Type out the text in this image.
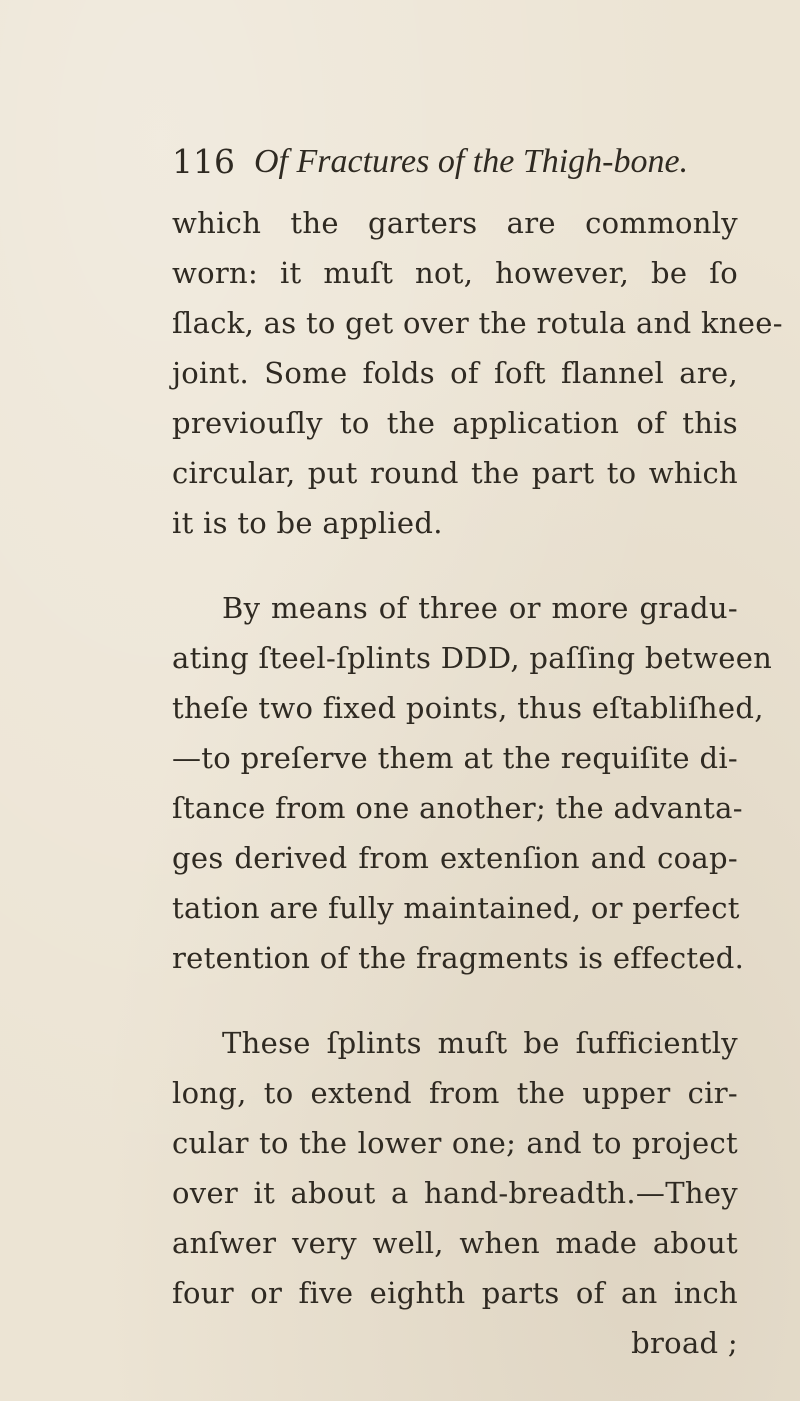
116 Of Fractures of the Thigh-bone.
which the garters are commonly
worn: it muſt not, however, be ſo
ſlack, as to get over the rotula and knee-
joint. Some folds of ſoft flannel are,
previouſly to the application of this
circular, put round the part to which
it is to be applied.
By means of three or more gradu-
ating ſteel-ſplints DDD, paſſing between
theſe two fixed points, thus eſtabliſhed,
—to preſerve them at the requiſite di-
ſtance from one another; the advanta-
ges derived from extenſion and coap-
tation are fully maintained, or perfect
retention of the fragments is effected.
These ſplints muſt be ſufficiently
long, to extend from the upper cir-
cular to the lower one; and to project
over it about a hand-breadth.—They
anſwer very well, when made about
four or five eighth parts of an inch
broad ;
